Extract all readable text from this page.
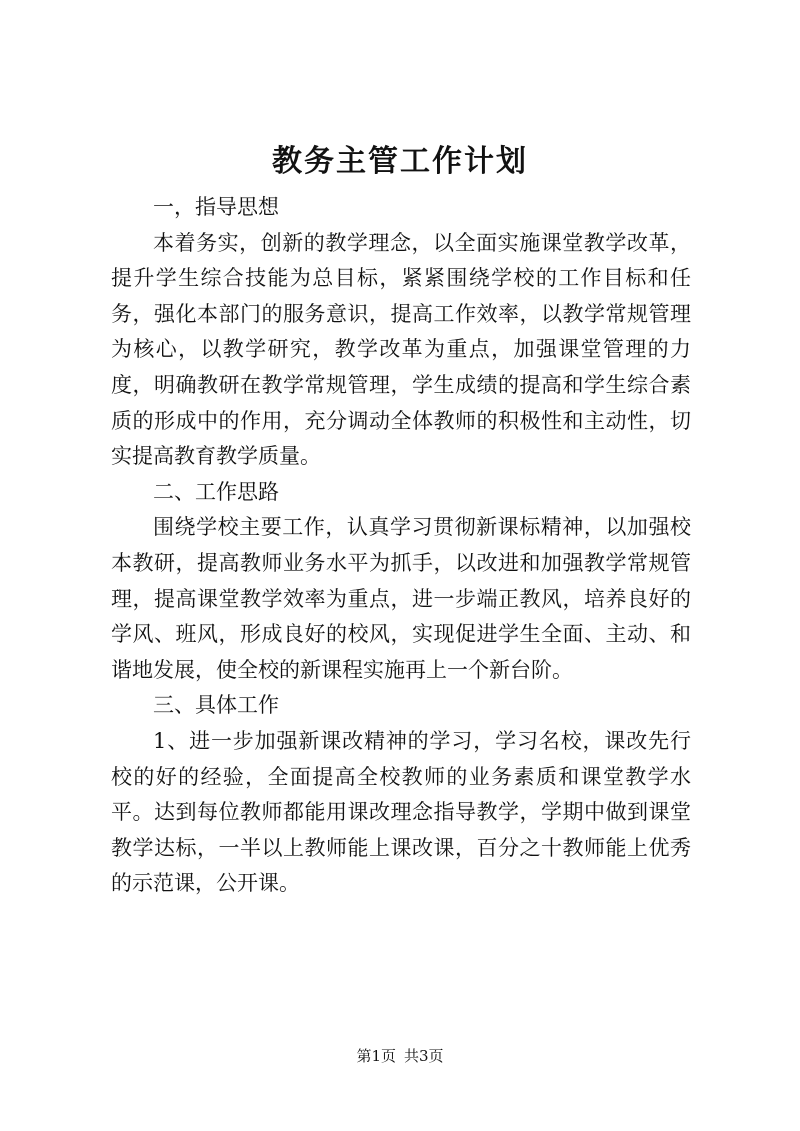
教务主管工作计划

一，指导思想

本着务实，创新的教学理念，以全面实施课堂教学改革，提升学生综合技能为总目标，紧紧围绕学校的工作目标和任务，强化本部门的服务意识，提高工作效率，以教学常规管理为核心，以教学研究，教学改革为重点，加强课堂管理的力度，明确教研在教学常规管理，学生成绩的提高和学生综合素质的形成中的作用，充分调动全体教师的积极性和主动性，切实提高教育教学质量。

二、工作思路

围绕学校主要工作，认真学习贯彻新课标精神，以加强校本教研，提高教师业务水平为抓手，以改进和加强教学常规管理，提高课堂教学效率为重点，进一步端正教风，培养良好的学风、班风，形成良好的校风，实现促进学生全面、主动、和谐地发展，使全校的新课程实施再上一个新台阶。

三、具体工作

1、进一步加强新课改精神的学习，学习名校，课改先行校的好的经验，全面提高全校教师的业务素质和课堂教学水平。达到每位教师都能用课改理念指导教学，学期中做到课堂教学达标，一半以上教师能上课改课，百分之十教师能上优秀的示范课，公开课。

第1页 共3页
